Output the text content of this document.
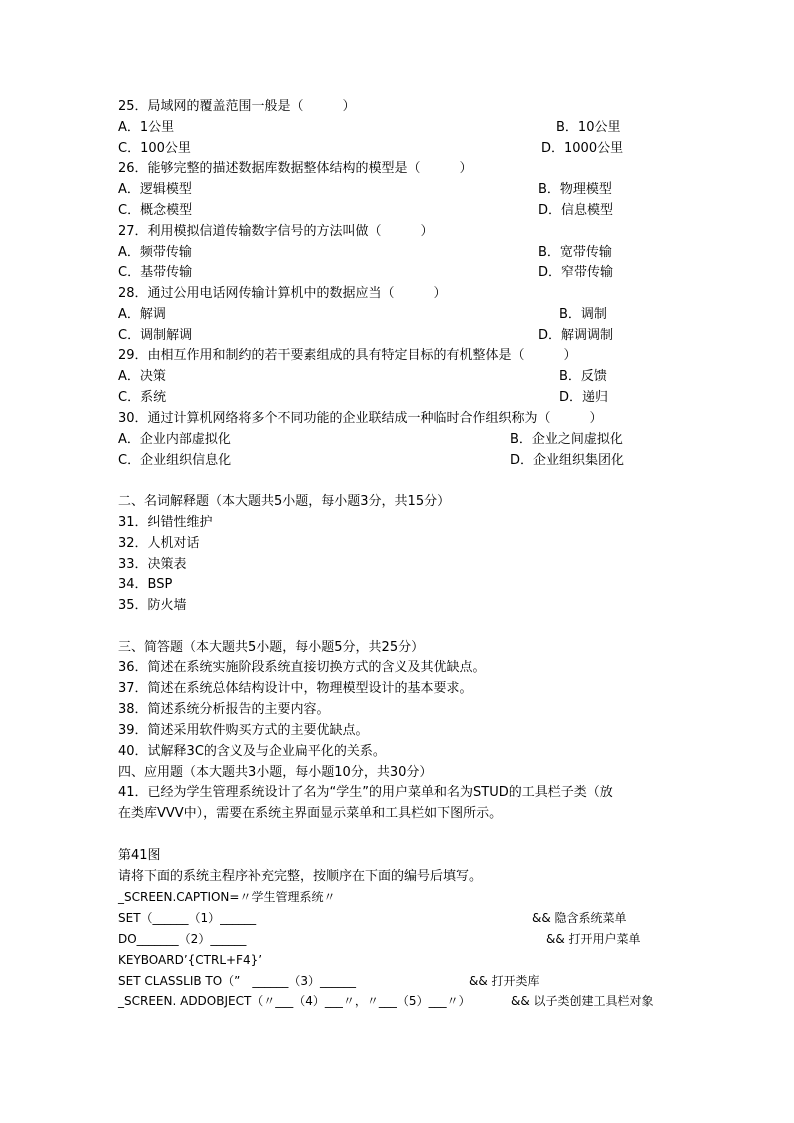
25．局域网的覆盖范围一般是（　　　）
A．1公里	B．10公里
C．100公里	D．1000公里
26．能够完整的描述数据库数据整体结构的模型是（　　　）
A．逻辑模型	B．物理模型
C．概念模型	D．信息模型
27．利用模拟信道传输数字信号的方法叫做（　　　）
A．频带传输	B．宽带传输
C．基带传输	D．窄带传输
28．通过公用电话网传输计算机中的数据应当（　　　）
A．解调	B．调制
C．调制解调	D．解调调制
29．由相互作用和制约的若干要素组成的具有特定目标的有机整体是（　　　）
A．决策	B．反馈
C．系统	D．递归
30．通过计算机网络将多个不同功能的企业联结成一种临时合作组织称为（　　　）
A．企业内部虚拟化	B．企业之间虚拟化
C．企业组织信息化	D．企业组织集团化
二、名词解释题（本大题共5小题，每小题3分，共15分）
31．纠错性维护
32．人机对话
33．决策表
34．BSP
35．防火墙
三、简答题（本大题共5小题，每小题5分，共25分）
36．简述在系统实施阶段系统直接切换方式的含义及其优缺点。
37．简述在系统总体结构设计中，物理模型设计的基本要求。
38．简述系统分析报告的主要内容。
39．简述采用软件购买方式的主要优缺点。
40．试解释3C的含义及与企业扁平化的关系。
四、应用题（本大题共3小题，每小题10分，共30分）
41．已经为学生管理系统设计了名为“学生”的用户菜单和名为STUD的工具栏子类（放
在类库VVV中），需要在系统主界面显示菜单和工具栏如下图所示。
第41图
请将下面的系统主程序补充完整，按顺序在下面的编号后填写。
_SCREEN.CAPTION=〃学生管理系统〃
SET（______（1）______	&& 隐含系统菜单
DO_______（2）______	&& 打开用户菜单
KEYBOARD’{CTRL+F4}’
SET CLASSLIB TO（”　______（3）______	&& 打开类库
_SCREEN. ADDOBJECT（〃___（4）___〃，〃___（5）___〃）	&& 以子类创建工具栏对象
